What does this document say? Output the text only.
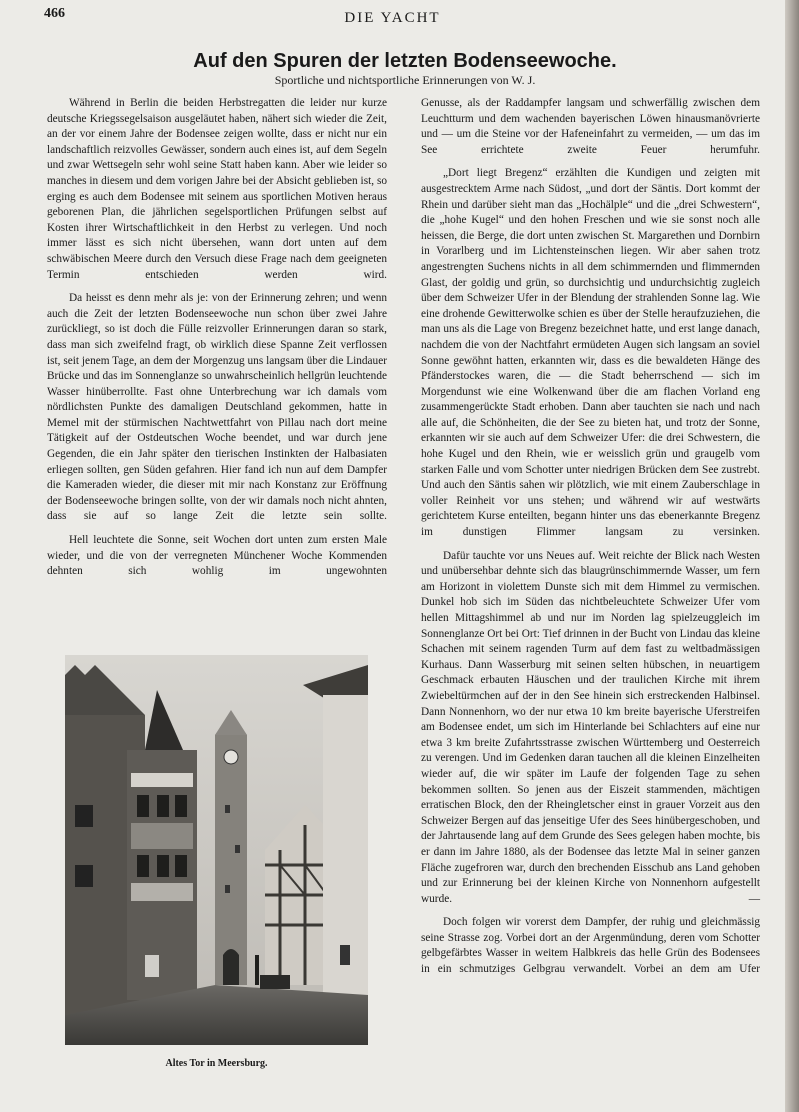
466	DIE YACHT
Auf den Spuren der letzten Bodenseewoche.
Sportliche und nichtsportliche Erinnerungen von W. J.

Während in Berlin die beiden Herbstregatten die leider nur kurze deutsche Kriegssegelsaison ausgeläutet haben, nähert sich wieder die Zeit, an der vor einem Jahre der Bodensee zeigen wollte, dass er nicht nur ein landschaftlich reizvolles Gewässer, sondern auch eines ist, auf dem Segeln und zwar Wettsegeln sehr wohl seine Statt haben kann. Aber wie leider so manches in diesem und dem vorigen Jahre bei der Absicht geblieben ist, so erging es auch dem Bodensee mit seinem aus sportlichen Motiven heraus geborenen Plan, die jährlichen segelsportlichen Prüfungen selbst auf Kosten ihrer Wirtschaftlichkeit in den Herbst zu verlegen. Und noch immer lässt es sich nicht übersehen, wann dort unten auf dem schwäbischen Meere durch den Versuch diese Frage nach dem geeigneten Termin entschieden werden wird.

Da heisst es denn mehr als je: von der Erinnerung zehren; und wenn auch die Zeit der letzten Bodenseewoche nun schon über zwei Jahre zurückliegt, so ist doch die Fülle reizvoller Erinnerungen daran so stark, dass man sich zweifelnd fragt, ob wirklich diese Spanne Zeit verflossen ist, seit jenem Tage, an dem der Morgenzug uns langsam über die Lindauer Brücke und das im Sonnenglanze so unwahrscheinlich hellgrün leuchtende Wasser hinüberrollte. Fast ohne Unterbrechung war ich damals vom nördlichsten Punkte des damaligen Deutschland gekommen, hatte in Memel mit der stürmischen Nachtwettfahrt von Pillau nach dort meine Tätigkeit auf der Ostdeutschen Woche beendet, und war durch jene Gegenden, die ein Jahr später den tierischen Instinkten der Halbasiaten erliegen sollten, gen Süden gefahren. Hier fand ich nun auf dem Dampfer die Kameraden wieder, die dieser mit mir nach Konstanz zur Eröffnung der Bodenseewoche bringen sollte, von der wir damals noch nicht ahnten, dass sie auf so lange Zeit die letzte sein sollte.

Hell leuchtete die Sonne, seit Wochen dort unten zum ersten Male wieder, und die von der verregneten Münchener Woche Kommenden dehnten sich wohlig im ungewohnten

Altes Tor in Meersburg.

Genusse, als der Raddampfer langsam und schwerfällig zwischen dem Leuchtturm und dem wachenden bayerischen Löwen hinausmanövrierte und — um die Steine vor der Hafeneinfahrt zu vermeiden, — um das im See errichtete zweite Feuer herumfuhr.

„Dort liegt Bregenz“ erzählten die Kundigen und zeigten mit ausgestrecktem Arme nach Südost, „und dort der Säntis. Dort kommt der Rhein und darüber sieht man das „Hochälple“ und die „drei Schwestern“, die „hohe Kugel“ und den hohen Freschen und wie sie sonst noch alle heissen, die Berge, die dort unten zwischen St. Margarethen und Dornbirn in Vorarlberg und im Lichtensteinschen liegen. Wir aber sahen trotz angestrengten Suchens nichts in all dem schimmernden und flimmernden Glast, der goldig und grün, so durchsichtig und undurchsichtig zugleich über dem Schweizer Ufer in der Blendung der strahlenden Sonne lag. Wie eine drohende Gewitterwolke schien es über der Stelle heraufzuziehen, die man uns als die Lage von Bregenz bezeichnet hatte, und erst lange danach, nachdem die von der Nachtfahrt ermüdeten Augen sich langsam an soviel Sonne gewöhnt hatten, erkannten wir, dass es die bewaldeten Hänge des Pfänderstockes waren, die — die Stadt beherrschend — sich im Morgendunst wie eine Wolkenwand über die am flachen Vorland eng zusammengerückte Stadt erhoben. Dann aber tauchten sie nach und nach alle auf, die Schönheiten, die der See zu bieten hat, und trotz der Sonne, erkannten wir sie auch auf dem Schweizer Ufer: die drei Schwestern, die hohe Kugel und den Rhein, wie er weisslich grün und graugelb vom starken Falle und vom Schotter unter niedrigen Brücken dem See zustrebt. Und auch den Säntis sahen wir plötzlich, wie mit einem Zauberschlage in voller Reinheit vor uns stehen; und während wir auf westwärts gerichtetem Kurse enteilten, begann hinter uns das ebenerkannte Bregenz im dunstigen Flimmer langsam zu versinken.

Dafür tauchte vor uns Neues auf. Weit reichte der Blick nach Westen und unübersehbar dehnte sich das blaugrünschimmernde Wasser, um fern am Horizont in violettem Dunste sich mit dem Himmel zu vermischen. Dunkel hob sich im Süden das nichtbeleuchtete Schweizer Ufer vom hellen Mittagshimmel ab und nur im Norden lag spielzeuggleich im Sonnenglanze Ort bei Ort: Tief drinnen in der Bucht von Lindau das kleine Schachen mit seinem ragenden Turm auf dem fast zu weltbadmässigen Kurhaus. Dann Wasserburg mit seinen selten hübschen, in neuartigem Geschmack erbauten Häuschen und der traulichen Kirche mit ihrem Zwiebeltürmchen auf der in den See hinein sich erstreckenden Halbinsel. Dann Nonnenhorn, wo der nur etwa 10 km breite bayerische Uferstreifen am Bodensee endet, um sich im Hinterlande bei Schlachters auf eine nur etwa 3 km breite Zufahrtsstrasse zwischen Württemberg und Oesterreich zu verengen. Und im Gedenken daran tauchen all die kleinen Einzelheiten wieder auf, die wir später im Laufe der folgenden Tage zu sehen bekommen sollten. So jenen aus der Eiszeit stammenden, mächtigen erratischen Block, den der Rheingletscher einst in grauer Vorzeit aus den Schweizer Bergen auf das jenseitige Ufer des Sees hinübergeschoben, und der Jahrtausende lang auf dem Grunde des Sees gelegen haben mochte, bis er dann im Jahre 1880, als der Bodensee das letzte Mal in seiner ganzen Fläche zugefroren war, durch den brechenden Eisschub ans Land gehoben und zur Erinnerung bei der kleinen Kirche von Nonnenhorn aufgestellt wurde. —

Doch folgen wir vorerst dem Dampfer, der ruhig und gleichmässig seine Strasse zog. Vorbei dort an der Argenmündung, deren vom Schotter gelbgefärbtes Wasser in weitem Halbkreis das helle Grün des Bodensees in ein schmutziges Gelbgrau verwandelt. Vorbei an dem am Ufer
